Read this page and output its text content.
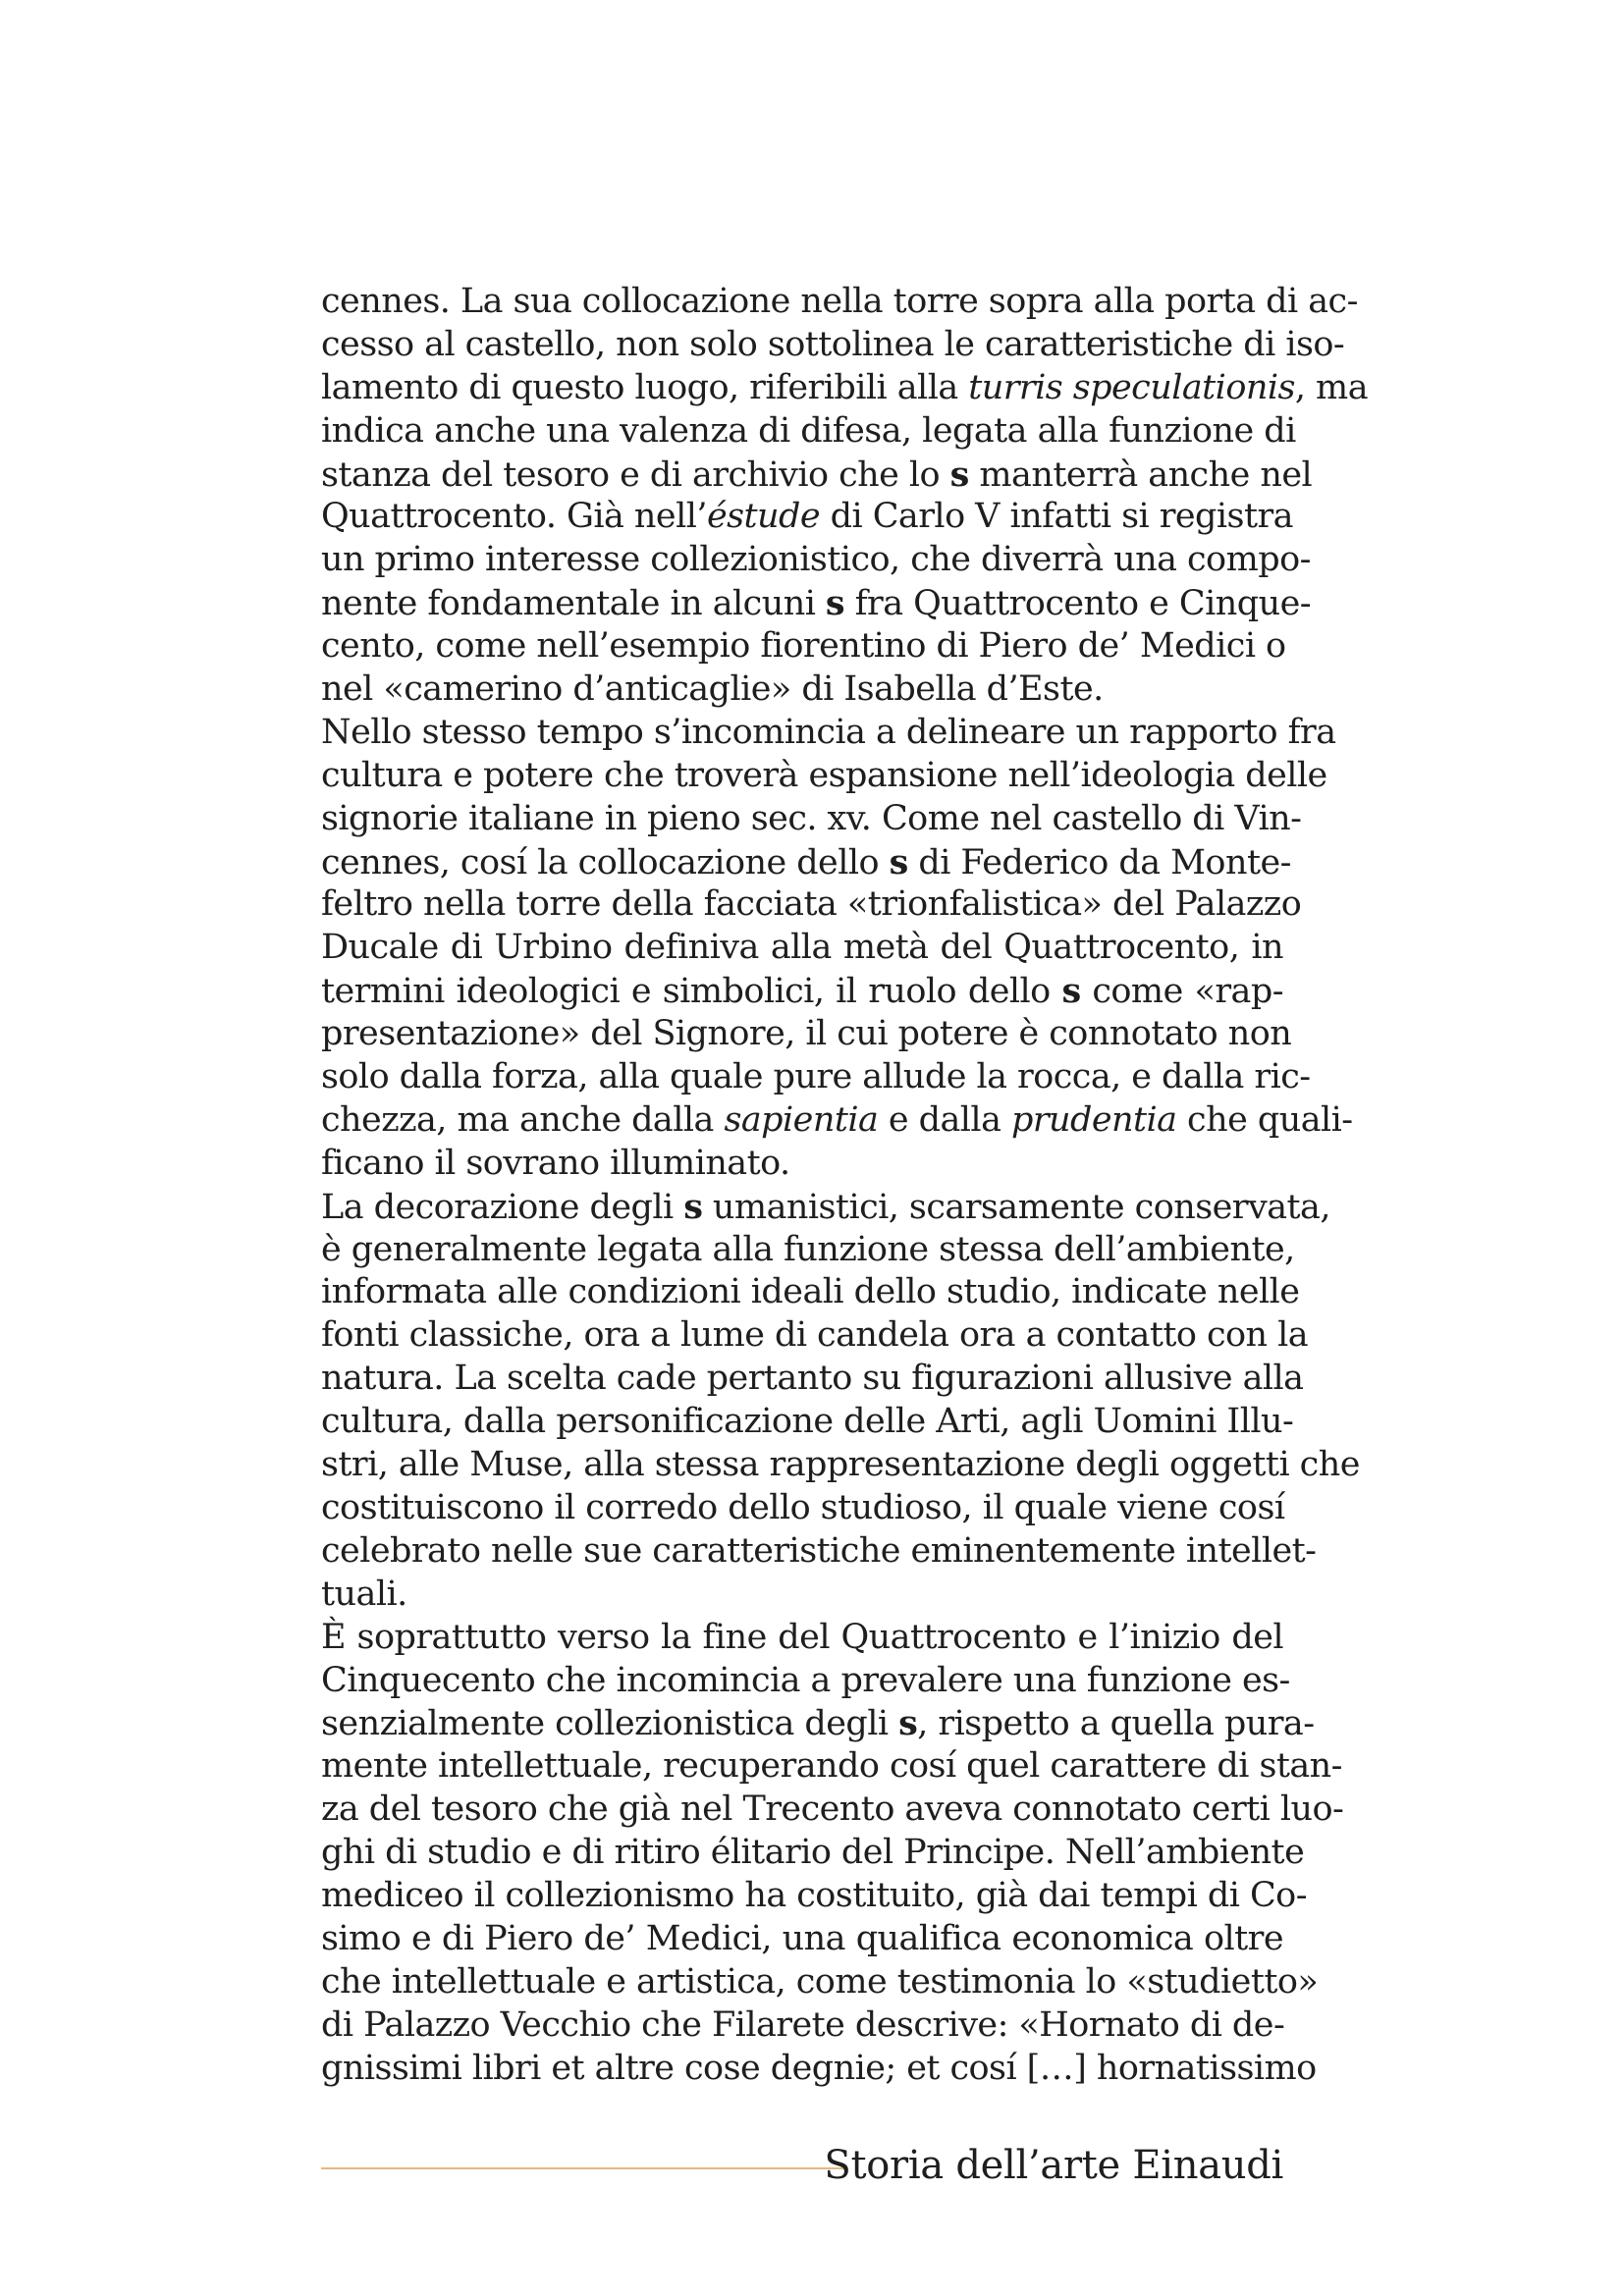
cennes. La sua collocazione nella torre sopra alla porta di ac-
cesso al castello, non solo sottolinea le caratteristiche di iso-
lamento di questo luogo, riferibili alla turris speculationis, ma
indica anche una valenza di difesa, legata alla funzione di
stanza del tesoro e di archivio che lo s manterrà anche nel
Quattrocento. Già nell’éstude di Carlo V infatti si registra
un primo interesse collezionistico, che diverrà una compo-
nente fondamentale in alcuni s fra Quattrocento e Cinque-
cento, come nell’esempio fiorentino di Piero de’ Medici o
nel «camerino d’anticaglie» di Isabella d’Este.
Nello stesso tempo s’incomincia a delineare un rapporto fra
cultura e potere che troverà espansione nell’ideologia delle
signorie italiane in pieno sec. xv. Come nel castello di Vin-
cennes, cosí la collocazione dello s di Federico da Monte-
feltro nella torre della facciata «trionfalistica» del Palazzo
Ducale di Urbino definiva alla metà del Quattrocento, in
termini ideologici e simbolici, il ruolo dello s come «rap-
presentazione» del Signore, il cui potere è connotato non
solo dalla forza, alla quale pure allude la rocca, e dalla ric-
chezza, ma anche dalla sapientia e dalla prudentia che quali-
ficano il sovrano illuminato.
La decorazione degli s umanistici, scarsamente conservata,
è generalmente legata alla funzione stessa dell’ambiente,
informata alle condizioni ideali dello studio, indicate nelle
fonti classiche, ora a lume di candela ora a contatto con la
natura. La scelta cade pertanto su figurazioni allusive alla
cultura, dalla personificazione delle Arti, agli Uomini Illu-
stri, alle Muse, alla stessa rappresentazione degli oggetti che
costituiscono il corredo dello studioso, il quale viene cosí
celebrato nelle sue caratteristiche eminentemente intellet-
tuali.
È soprattutto verso la fine del Quattrocento e l’inizio del
Cinquecento che incomincia a prevalere una funzione es-
senzialmente collezionistica degli s, rispetto a quella pura-
mente intellettuale, recuperando cosí quel carattere di stan-
za del tesoro che già nel Trecento aveva connotato certi luo-
ghi di studio e di ritiro élitario del Principe. Nell’ambiente
mediceo il collezionismo ha costituito, già dai tempi di Co-
simo e di Piero de’ Medici, una qualifica economica oltre
che intellettuale e artistica, come testimonia lo «studietto»
di Palazzo Vecchio che Filarete descrive: «Hornato di de-
gnissimi libri et altre cose degnie; et cosí […] hornatissimo
Storia dell’arte Einaudi
